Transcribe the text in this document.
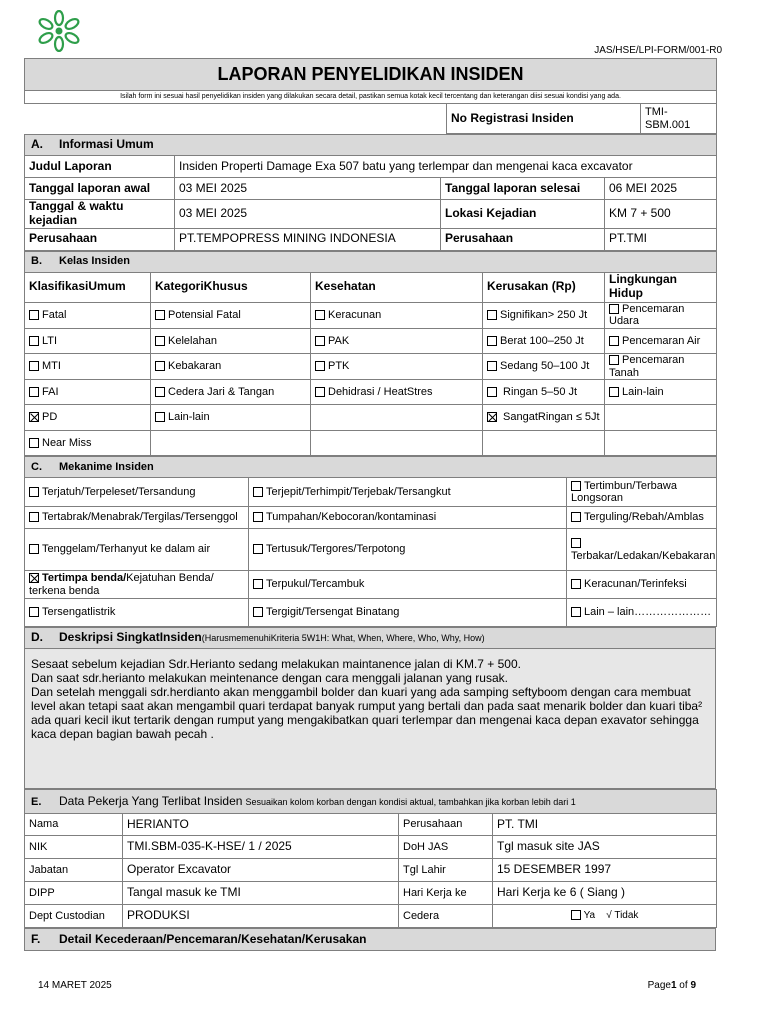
JAS/HSE/LPI-FORM/001-R0
LAPORAN PENYELIDIKAN INSIDEN
Isilah form ini sesuai hasil penyelidikan insiden yang dilakukan secara detail, pastikan semua kotak kecil tercentang dan keterangan diisi sesuai kondisi yang ada.
	No Registrasi Insiden	TMI-SBM.001
A. Informasi Umum			
Judul Laporan	Insiden Properti Damage Exa 507 batu yang terlempar dan mengenai kaca excavator		
Tanggal laporan awal	03 MEI 2025	Tanggal laporan selesai	06 MEI 2025
Tanggal & waktu kejadian	03 MEI 2025	Lokasi Kejadian	KM 7 + 500
Perusahaan	PT.TEMPOPRESS MINING INDONESIA	Perusahaan	PT.TMI
B. Kelas Insiden				
KlasifikasiUmum	KategoriKhusus	Kesehatan	Kerusakan (Rp)	Lingkungan Hidup
Fatal	Potensial Fatal	Keracunan	Signifikan> 250 Jt	Pencemaran Udara
LTI	Kelelahan	PAK	Berat 100–250 Jt	Pencemaran Air
MTI	Kebakaran	PTK	Sedang 50–100 Jt	Pencemaran Tanah
FAI	Cedera Jari & Tangan	Dehidrasi / HeatStres	Ringan 5–50 Jt	Lain-lain
PD	Lain-lain		SangatRingan ≤ 5Jt	
Near Miss				
C. Mekanime Insiden		
Terjatuh/Terpeleset/Tersandung	Terjepit/Terhimpit/Terjebak/Tersangkut	Tertimbun/Terbawa Longsoran
Tertabrak/Menabrak/Tergilas/Tersenggol	Tumpahan/Kebocoran/kontaminasi	Terguling/Rebah/Amblas
Tenggelam/Terhanyut ke dalam air	Tertusuk/Tergores/Terpotong	Terbakar/Ledakan/Kebakaran
Tertimpa benda/Kejatuhan Benda/ terkena benda	Terpukul/Tercambuk	Keracunan/Terinfeksi
Tersengatlistrik	Tergigit/Tersengat Binatang	Lain – lain…………………
D. Deskripsi SingkatInsiden(HarusmemenuhiKriteria 5W1H: What, When, Where, Who, Why, How)

Sesaat sebelum kejadian Sdr.Herianto sedang melakukan maintanence jalan di KM.7 + 500.

Dan saat sdr.herianto melakukan meintenance dengan cara menggali jalanan yang rusak.

Dan setelah menggali sdr.herdianto akan menggambil bolder dan kuari yang ada samping seftyboom dengan cara membuat level akan tetapi saat akan mengambil quari terdapat banyak rumput yang bertali dan pada saat menarik bolder dan kuari tiba² ada quari kecil ikut tertarik dengan rumput yang mengakibatkan quari terlempar dan mengenai kaca depan exavator sehingga kaca depan bagian bawah pecah .

E. Data Pekerja Yang Terlibat Insiden Sesuaikan kolom korban dengan kondisi aktual, tambahkan jika korban lebih dari 1			
Nama	HERIANTO	Perusahaan	PT. TMI
NIK	TMI.SBM-035-K-HSE/ 1 / 2025	DoH JAS	Tgl masuk site JAS
Jabatan	Operator Excavator	Tgl Lahir	15 DESEMBER 1997
DIPP	Tangal masuk ke TMI	Hari Kerja ke	Hari Kerja ke 6 ( Siang )
Dept Custodian	PRODUKSI	Cedera	Ya √ Tidak
F. Detail Kecederaan/Pencemaran/Kesehatan/Kerusakan
14 MARET 2025	Page1 of 9
